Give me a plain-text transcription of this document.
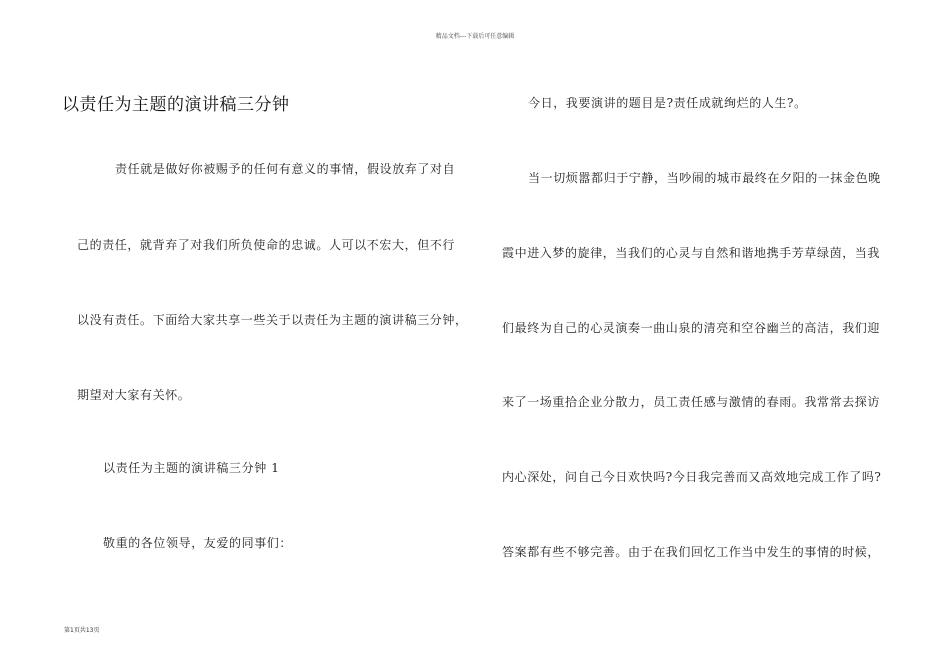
精品文档---下载后可任意编辑
以责任为主题的演讲稿三分钟
责任就是做好你被赐予的任何有意义的事情，假设放弃了对自
己的责任，就背弃了对我们所负使命的忠诚。人可以不宏大，但不行
以没有责任。下面给大家共享一些关于以责任为主题的演讲稿三分钟，
期望对大家有关怀。
以责任为主题的演讲稿三分钟 1
敬重的各位领导，友爱的同事们：
今日，我要演讲的题目是?责任成就绚烂的人生?。
当一切烦嚣都归于宁静，当吵闹的城市最终在夕阳的一抹金色晚
霞中进入梦的旋律，当我们的心灵与自然和谐地携手芳草绿茵，当我
们最终为自己的心灵演奏一曲山泉的清亮和空谷幽兰的高洁，我们迎
来了一场重拾企业分散力，员工责任感与激情的春雨。我常常去探访
内心深处，问自己今日欢快吗?今日我完善而又高效地完成工作了吗?
答案都有些不够完善。由于在我们回忆工作当中发生的事情的时候，
第1页共13页
